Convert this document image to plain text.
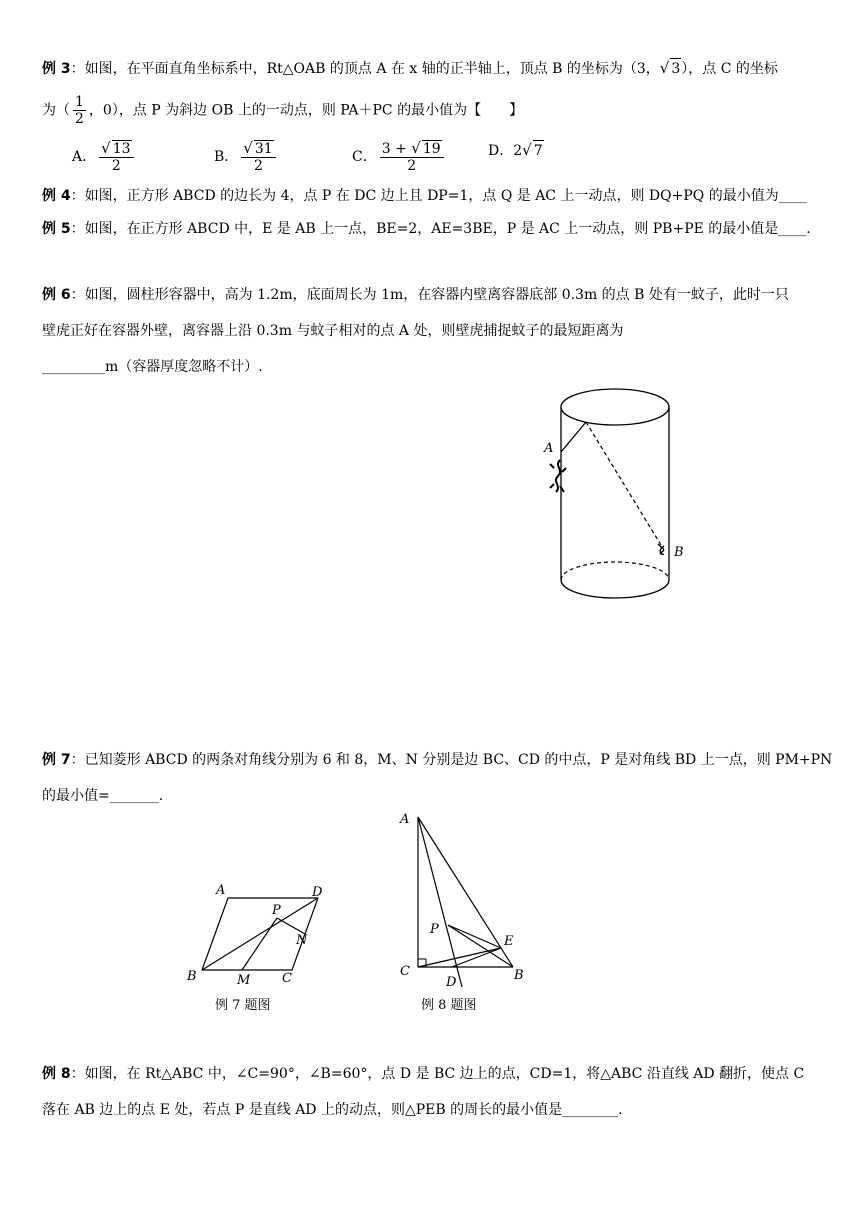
例 3：如图，在平面直角坐标系中，Rt△OAB 的顶点 A 在 x 轴的正半轴上，顶点 B 的坐标为（3，√ 3），点 C 的坐标
为（ $\frac{1}{2}$ ，0），点 P 为斜边 OB 上的一动点，则 PA＋PC 的最小值为【　　】
A． $\frac{√ 13}{2}$	B． $\frac{√ 31}{2}$	C． $\frac{3 + √ 19}{2}$	D．2√ 7
例 4：如图，正方形 ABCD 的边长为 4，点 P 在 DC 边上且 DP=1，点 Q 是 AC 上一动点，则 DQ+PQ 的最小值为____
例 5：如图，在正方形 ABCD 中，E 是 AB 上一点，BE=2，AE=3BE，P 是 AC 上一动点，则 PB+PE 的最小值是____.
例 6：如图，圆柱形容器中，高为 1.2m，底面周长为 1m，在容器内壁离容器底部 0.3m 的点 B 处有一蚊子，此时一只
壁虎正好在容器外壁，离容器上沿 0.3m 与蚊子相对的点 A 处，则壁虎捕捉蚊子的最短距离为
_________m（容器厚度忽略不计）.
A
B
例 7：已知菱形 ABCD 的两条对角线分别为 6 和 8，M、N 分别是边 BC、CD 的中点，P 是对角线 BD 上一点，则 PM+PN
的最小值=_______.
A	D
P
N
B	M C
例 7 题图
A
P
E
C
D	B
例 8 题图
例 8：如图，在 Rt△ABC 中，∠C=90°，∠B=60°，点 D 是 BC 边上的点，CD=1，将△ABC 沿直线 AD 翻折，使点 C
落在 AB 边上的点 E 处，若点 P 是直线 AD 上的动点，则△PEB 的周长的最小值是________.
